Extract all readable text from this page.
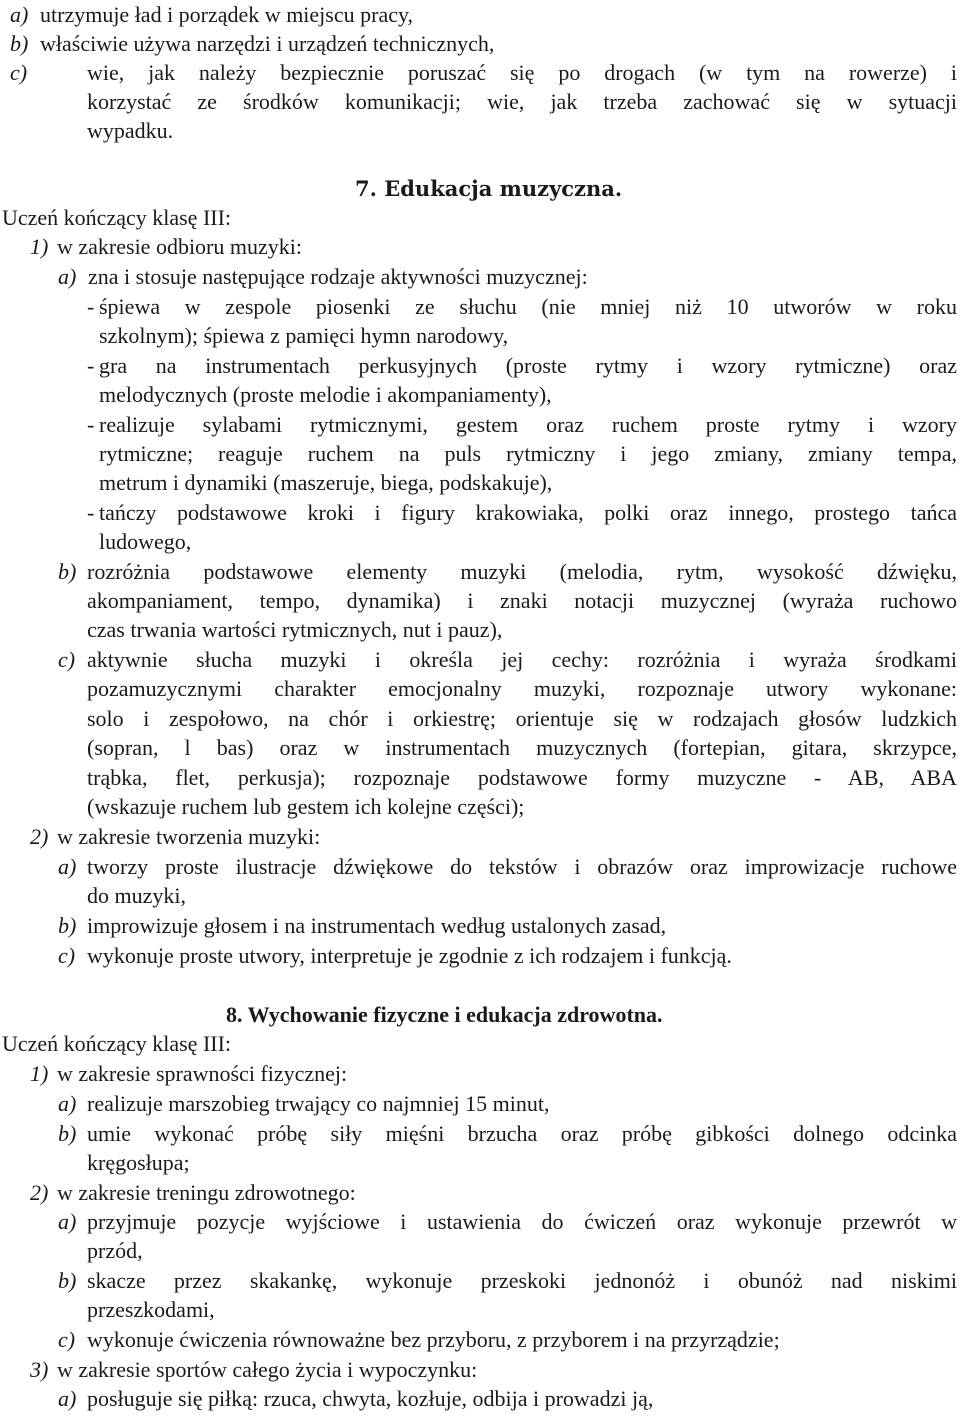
a) utrzymuje ład i porządek w miejscu pracy,
b) właściwie używa narzędzi i urządzeń technicznych,
c)	wie, jak należy bezpiecznie poruszać się po drogach (w tym na rowerze) i
korzystać ze środków komunikacji; wie, jak trzeba zachować się w sytuacji
wypadku.
7. Edukacja muzyczna.
Uczeń kończący klasę III:
1) w zakresie odbioru muzyki:
a) zna i stosuje następujące rodzaje aktywności muzycznej:
- śpiewa w zespole piosenki ze słuchu (nie mniej niż 10 utworów w roku
szkolnym); śpiewa z pamięci hymn narodowy,
- gra na instrumentach perkusyjnych (proste rytmy i wzory rytmiczne) oraz
melodycznych (proste melodie i akompaniamenty),
- realizuje sylabami rytmicznymi, gestem oraz ruchem proste rytmy i wzory
rytmiczne; reaguje ruchem na puls rytmiczny i jego zmiany, zmiany tempa,
metrum i dynamiki (maszeruje, biega, podskakuje),
- tańczy podstawowe kroki i figury krakowiaka, polki oraz innego, prostego tańca
ludowego,
b) rozróżnia podstawowe elementy muzyki (melodia, rytm, wysokość dźwięku,
akompaniament, tempo, dynamika) i znaki notacji muzycznej (wyraża ruchowo
czas trwania wartości rytmicznych, nut i pauz),
c) aktywnie słucha muzyki i określa jej cechy: rozróżnia i wyraża środkami
pozamuzycznymi charakter emocjonalny muzyki, rozpoznaje utwory wykonane:
solo i zespołowo, na chór i orkiestrę; orientuje się w rodzajach głosów ludzkich
(sopran, l bas) oraz w instrumentach muzycznych (fortepian, gitara, skrzypce,
trąbka, flet, perkusja); rozpoznaje podstawowe formy muzyczne - AB, ABA
(wskazuje ruchem lub gestem ich kolejne części);
2) w zakresie tworzenia muzyki:
a) tworzy proste ilustracje dźwiękowe do tekstów i obrazów oraz improwizacje ruchowe
do muzyki,
b) improwizuje głosem i na instrumentach według ustalonych zasad,
c) wykonuje proste utwory, interpretuje je zgodnie z ich rodzajem i funkcją.
8. Wychowanie fizyczne i edukacja zdrowotna.
Uczeń kończący klasę III:
1) w zakresie sprawności fizycznej:
a) realizuje marszobieg trwający co najmniej 15 minut,
b) umie wykonać próbę siły mięśni brzucha oraz próbę gibkości dolnego odcinka
kręgosłupa;
2) w zakresie treningu zdrowotnego:
a) przyjmuje pozycje wyjściowe i ustawienia do ćwiczeń oraz wykonuje przewrót w
przód,
b) skacze przez skakankę, wykonuje przeskoki jednonóż i obunóż nad niskimi
przeszkodami,
c) wykonuje ćwiczenia równoważne bez przyboru, z przyborem i na przyrządzie;
3) w zakresie sportów całego życia i wypoczynku:
a) posługuje się piłką: rzuca, chwyta, kozłuje, odbija i prowadzi ją,
